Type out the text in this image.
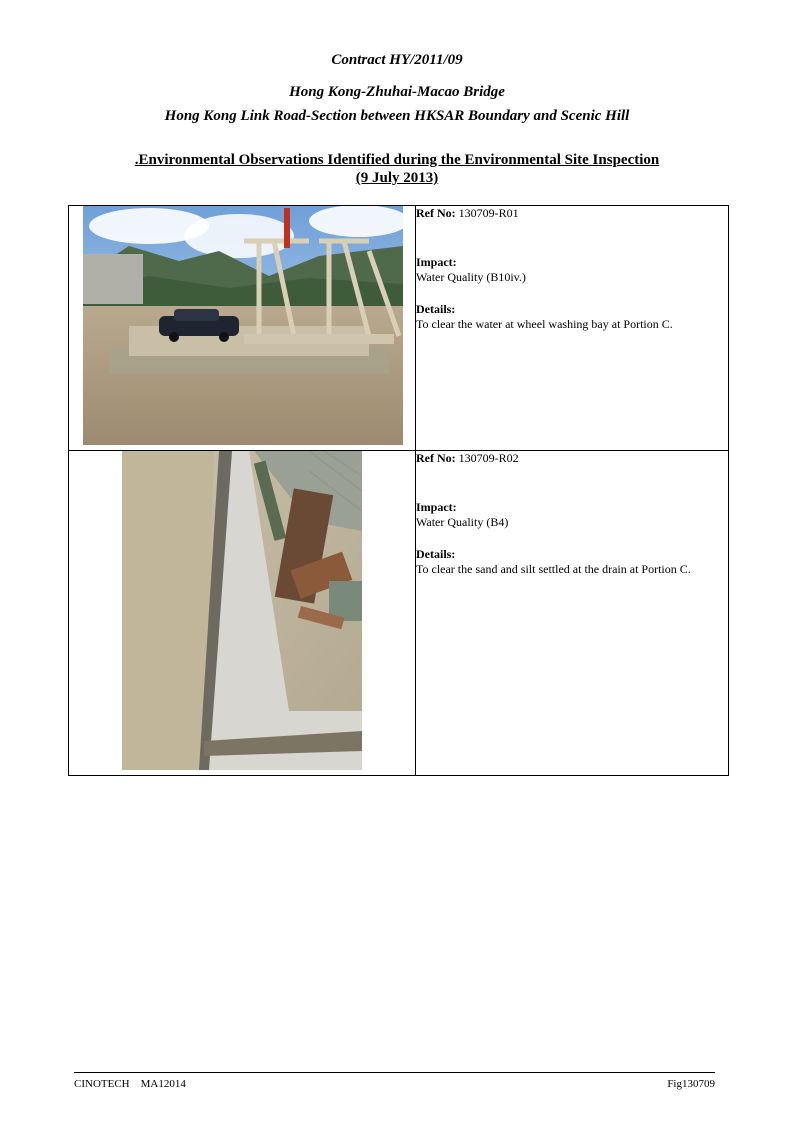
Contract HY/2011/09
Hong Kong-Zhuhai-Macao Bridge
Hong Kong Link Road-Section between HKSAR Boundary and Scenic Hill
.Environmental Observations Identified during the Environmental Site Inspection
(9 July 2013)

Ref No: 130709-R01
Impact:
Water Quality (B10iv.)
Details:
To clear the water at wheel washing bay at Portion C.

Ref No: 130709-R02
Impact:
Water Quality (B4)
Details:
To clear the sand and silt settled at the drain at Portion C.
CINOTECH    MA12014	Fig130709
